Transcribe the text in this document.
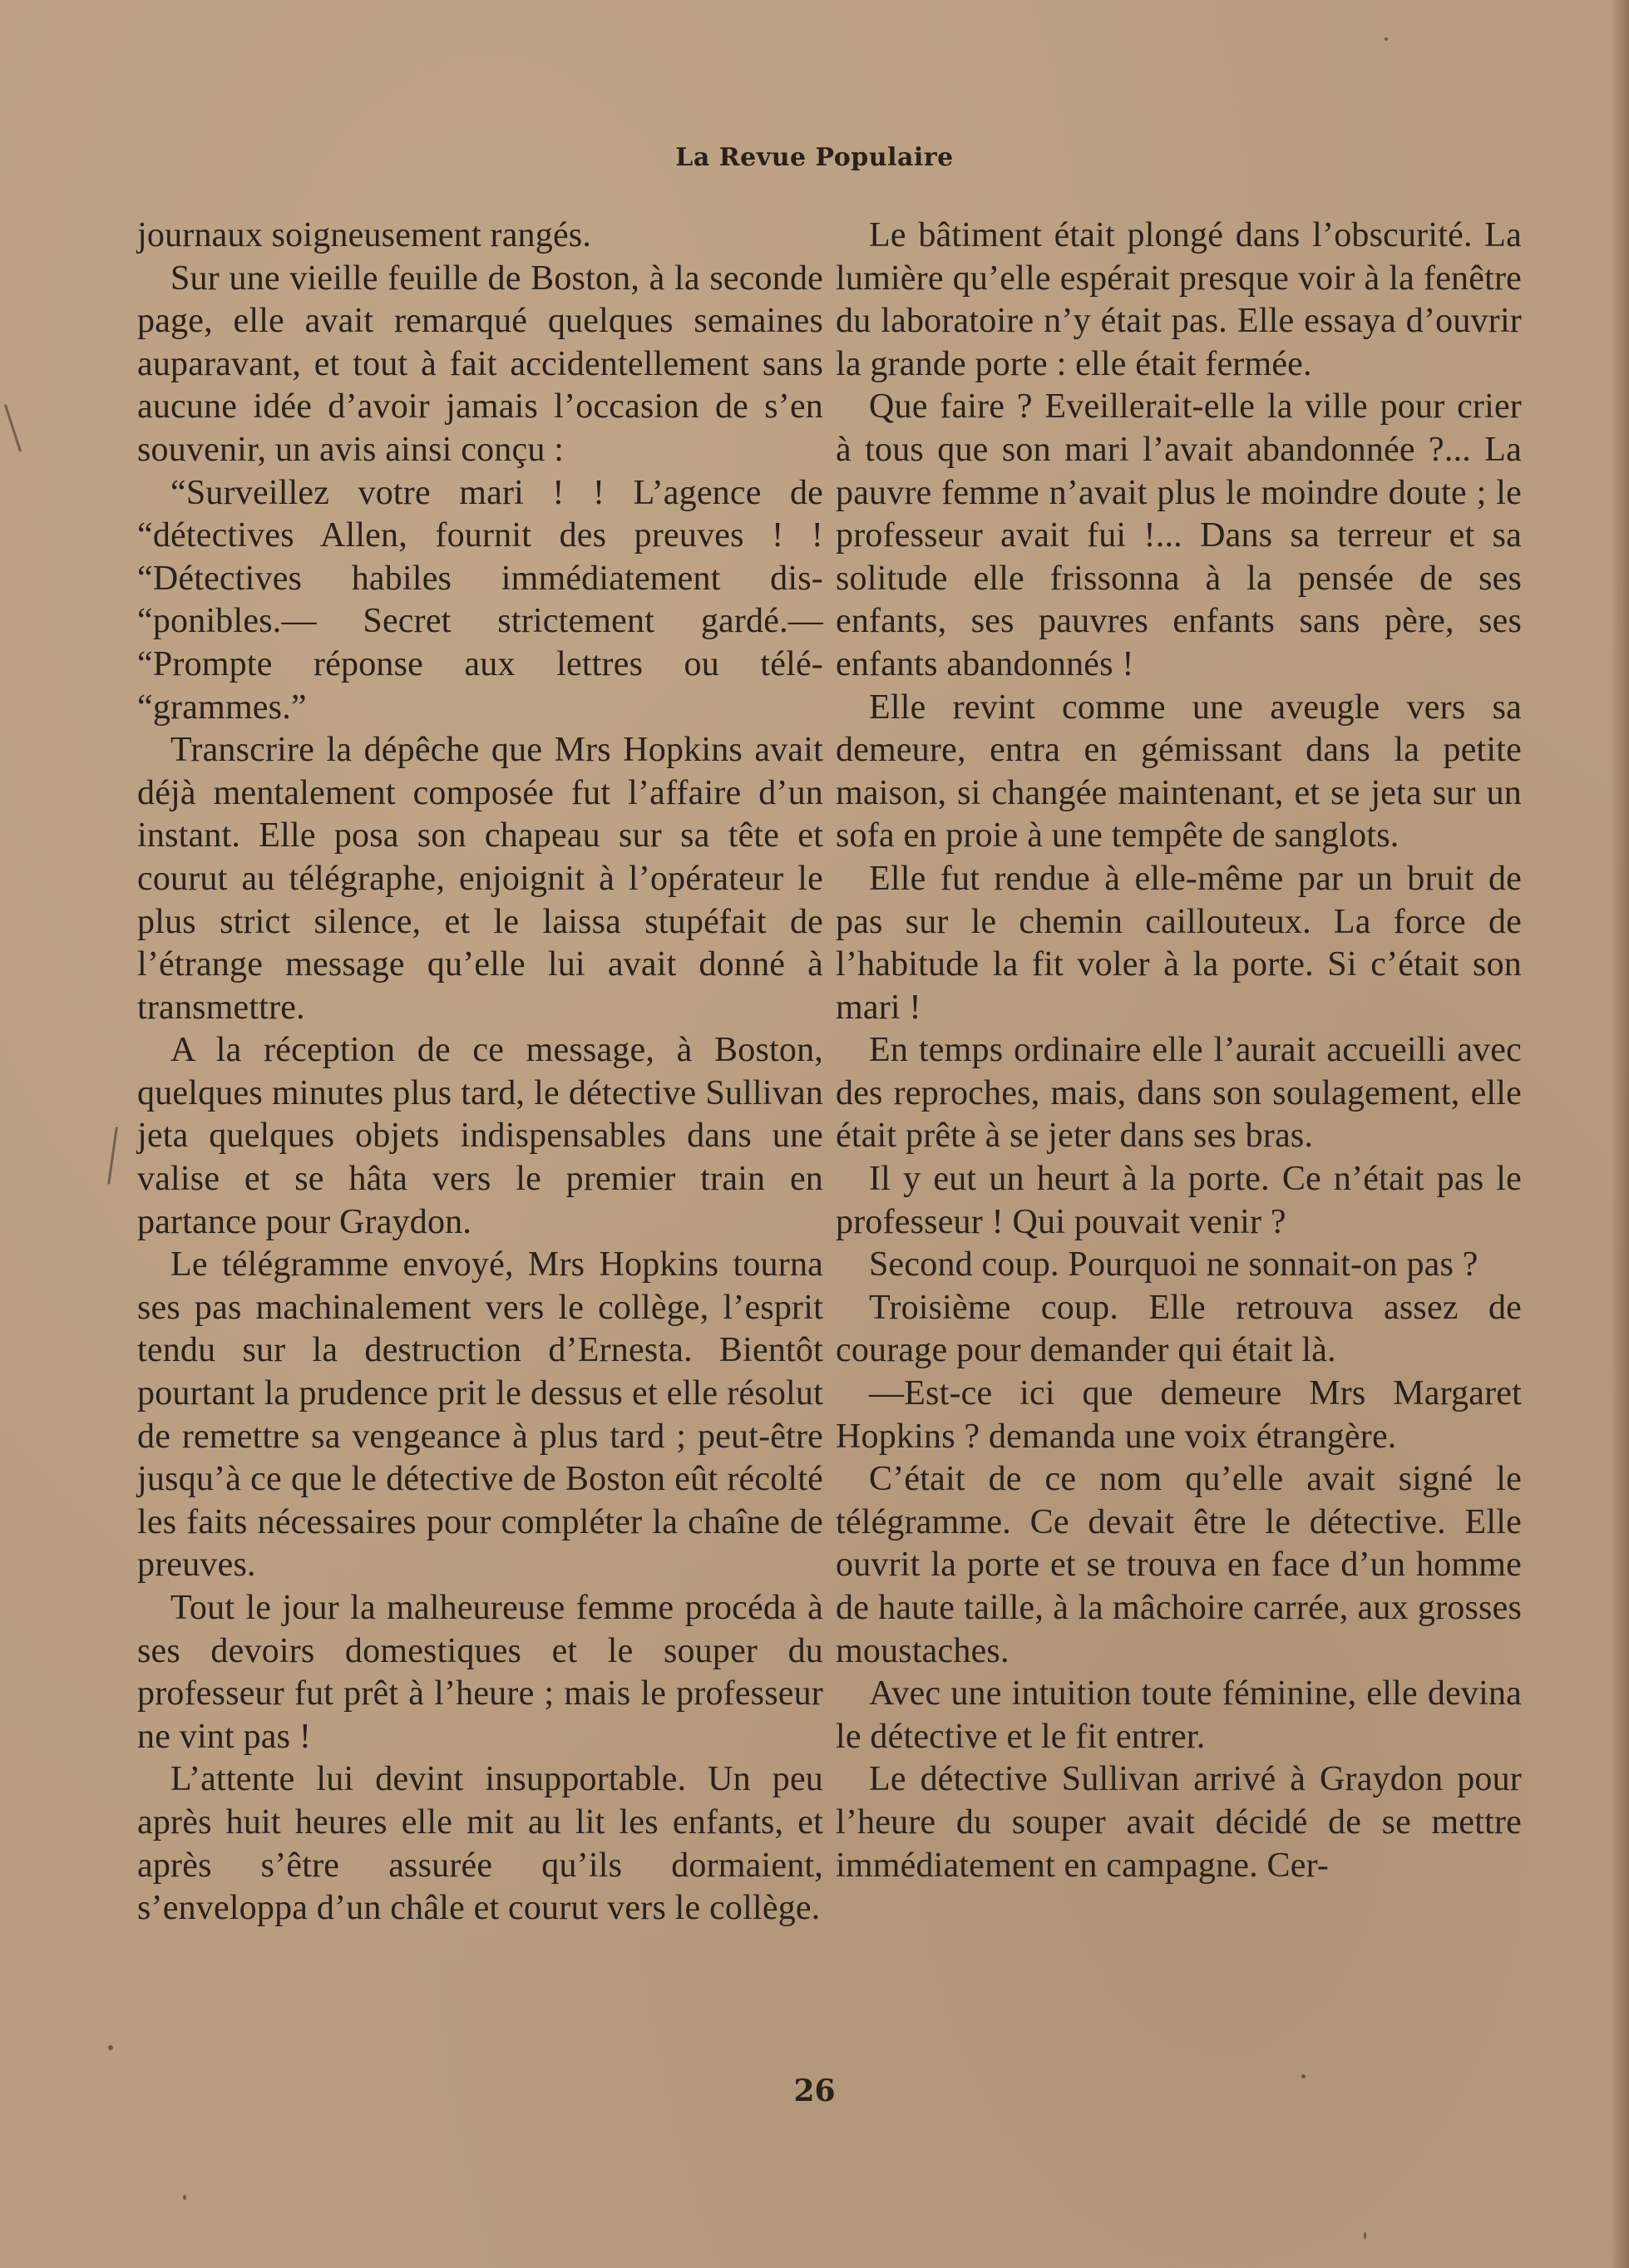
La Revue Populaire

journaux soigneusement rangés.

Sur une vieille feuille de Boston, à la seconde page, elle avait remarqué quelques semaines auparavant, et tout à fait accidentellement sans aucune idée d’avoir jamais l’occasion de s’en souvenir, un avis ainsi conçu :

“Surveillez votre mari ! ! L’agence de “détectives Allen, fournit des preuves ! ! “Détectives habiles immédiatement dis- “ponibles.— Secret strictement gardé.— “Prompte réponse aux lettres ou télé- “grammes.”

Transcrire la dépêche que Mrs Hopkins avait déjà mentalement composée fut l’affaire d’un instant. Elle posa son chapeau sur sa tête et courut au télégraphe, enjoignit à l’opérateur le plus strict silence, et le laissa stupéfait de l’étrange message qu’elle lui avait donné à transmettre.

A la réception de ce message, à Boston, quelques minutes plus tard, le détective Sullivan jeta quelques objets indispensables dans une valise et se hâta vers le premier train en partance pour Graydon.

Le télégramme envoyé, Mrs Hopkins tourna ses pas machinalement vers le collège, l’esprit tendu sur la destruction d’Ernesta. Bientôt pourtant la prudence prit le dessus et elle résolut de remettre sa vengeance à plus tard ; peut-être jusqu’à ce que le détective de Boston eût récolté les faits nécessaires pour compléter la chaîne de preuves.

Tout le jour la malheureuse femme procéda à ses devoirs domestiques et le souper du professeur fut prêt à l’heure ; mais le professeur ne vint pas !

L’attente lui devint insupportable. Un peu après huit heures elle mit au lit les enfants, et après s’être assurée qu’ils dormaient, s’enveloppa d’un châle et courut vers le collège.

Le bâtiment était plongé dans l’obscurité. La lumière qu’elle espérait presque voir à la fenêtre du laboratoire n’y était pas. Elle essaya d’ouvrir la grande porte : elle était fermée.

Que faire ? Eveillerait-elle la ville pour crier à tous que son mari l’avait abandonnée ?... La pauvre femme n’avait plus le moindre doute ; le professeur avait fui !... Dans sa terreur et sa solitude elle frissonna à la pensée de ses enfants, ses pauvres enfants sans père, ses enfants abandonnés !

Elle revint comme une aveugle vers sa demeure, entra en gémissant dans la petite maison, si changée maintenant, et se jeta sur un sofa en proie à une tempête de sanglots.

Elle fut rendue à elle-même par un bruit de pas sur le chemin caillouteux. La force de l’habitude la fit voler à la porte. Si c’était son mari !

En temps ordinaire elle l’aurait accueilli avec des reproches, mais, dans son soulagement, elle était prête à se jeter dans ses bras.

Il y eut un heurt à la porte. Ce n’était pas le professeur ! Qui pouvait venir ?

Second coup. Pourquoi ne sonnait-on pas ?

Troisième coup. Elle retrouva assez de courage pour demander qui était là.

—Est-ce ici que demeure Mrs Margaret Hopkins ? demanda une voix étrangère.

C’était de ce nom qu’elle avait signé le télégramme. Ce devait être le détective. Elle ouvrit la porte et se trouva en face d’un homme de haute taille, à la mâchoire carrée, aux grosses moustaches.

Avec une intuition toute féminine, elle devina le détective et le fit entrer.

Le détective Sullivan arrivé à Graydon pour l’heure du souper avait décidé de se mettre immédiatement en campagne. Cer-

26
